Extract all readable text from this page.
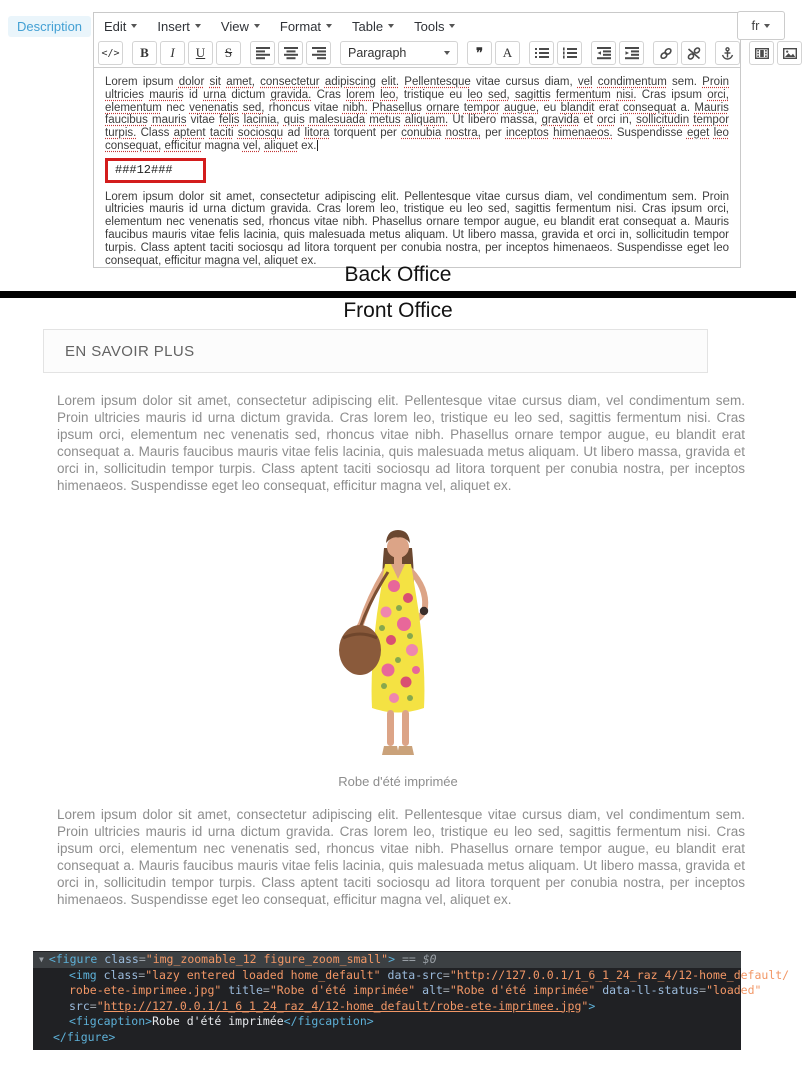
Description	Edit Insert View Format Table Tools
</>	B	I	U	S	Paragraph	❞	A

Lorem ipsum dolor sit amet, consectetur adipiscing elit. Pellentesque vitae cursus diam, vel condimentum sem. Proin ultricies mauris id urna dictum gravida. Cras lorem leo, tristique eu leo sed, sagittis fermentum nisi. Cras ipsum orci, elementum nec venenatis sed, rhoncus vitae nibh. Phasellus ornare tempor augue, eu blandit erat consequat a. Mauris faucibus mauris vitae felis lacinia, quis malesuada metus aliquam. Ut libero massa, gravida et orci in, sollicitudin tempor turpis. Class aptent taciti sociosqu ad litora torquent per conubia nostra, per inceptos himenaeos. Suspendisse eget leo consequat, efficitur magna vel, aliquet ex.

###12###

Lorem ipsum dolor sit amet, consectetur adipiscing elit. Pellentesque vitae cursus diam, vel condimentum sem. Proin ultricies mauris id urna dictum gravida. Cras lorem leo, tristique eu leo sed, sagittis fermentum nisi. Cras ipsum orci, elementum nec venenatis sed, rhoncus vitae nibh. Phasellus ornare tempor augue, eu blandit erat consequat a. Mauris faucibus mauris vitae felis lacinia, quis malesuada metus aliquam. Ut libero massa, gravida et orci in, sollicitudin tempor turpis. Class aptent taciti sociosqu ad litora torquent per conubia nostra, per inceptos himenaeos. Suspendisse eget leo consequat, efficitur magna vel, aliquet ex.

fr
Back Office
Front Office
EN SAVOIR PLUS

Lorem ipsum dolor sit amet, consectetur adipiscing elit. Pellentesque vitae cursus diam, vel condimentum sem. Proin ultricies mauris id urna dictum gravida. Cras lorem leo, tristique eu leo sed, sagittis fermentum nisi. Cras ipsum orci, elementum nec venenatis sed, rhoncus vitae nibh. Phasellus ornare tempor augue, eu blandit erat consequat a. Mauris faucibus mauris vitae felis lacinia, quis malesuada metus aliquam. Ut libero massa, gravida et orci in, sollicitudin tempor turpis. Class aptent taciti sociosqu ad litora torquent per conubia nostra, per inceptos himenaeos. Suspendisse eget leo consequat, efficitur magna vel, aliquet ex.

Robe d'été imprimée

Lorem ipsum dolor sit amet, consectetur adipiscing elit. Pellentesque vitae cursus diam, vel condimentum sem. Proin ultricies mauris id urna dictum gravida. Cras lorem leo, tristique eu leo sed, sagittis fermentum nisi. Cras ipsum orci, elementum nec venenatis sed, rhoncus vitae nibh. Phasellus ornare tempor augue, eu blandit erat consequat a. Mauris faucibus mauris vitae felis lacinia, quis malesuada metus aliquam. Ut libero massa, gravida et orci in, sollicitudin tempor turpis. Class aptent taciti sociosqu ad litora torquent per conubia nostra, per inceptos himenaeos. Suspendisse eget leo consequat, efficitur magna vel, aliquet ex.

▼ <figure class="img_zoomable_12 figure_zoom_small"> == $0
<img class="lazy entered loaded home_default" data-src="http://127.0.0.1/1_6_1_24_raz_4/12-home_default/
robe-ete-imprimee.jpg" title="Robe d'été imprimée" alt="Robe d'été imprimée" data-ll-status="loaded"
src="http://127.0.0.1/1_6_1_24_raz_4/12-home_default/robe-ete-imprimee.jpg">
<figcaption>Robe d'été imprimée</figcaption>
</figure>
